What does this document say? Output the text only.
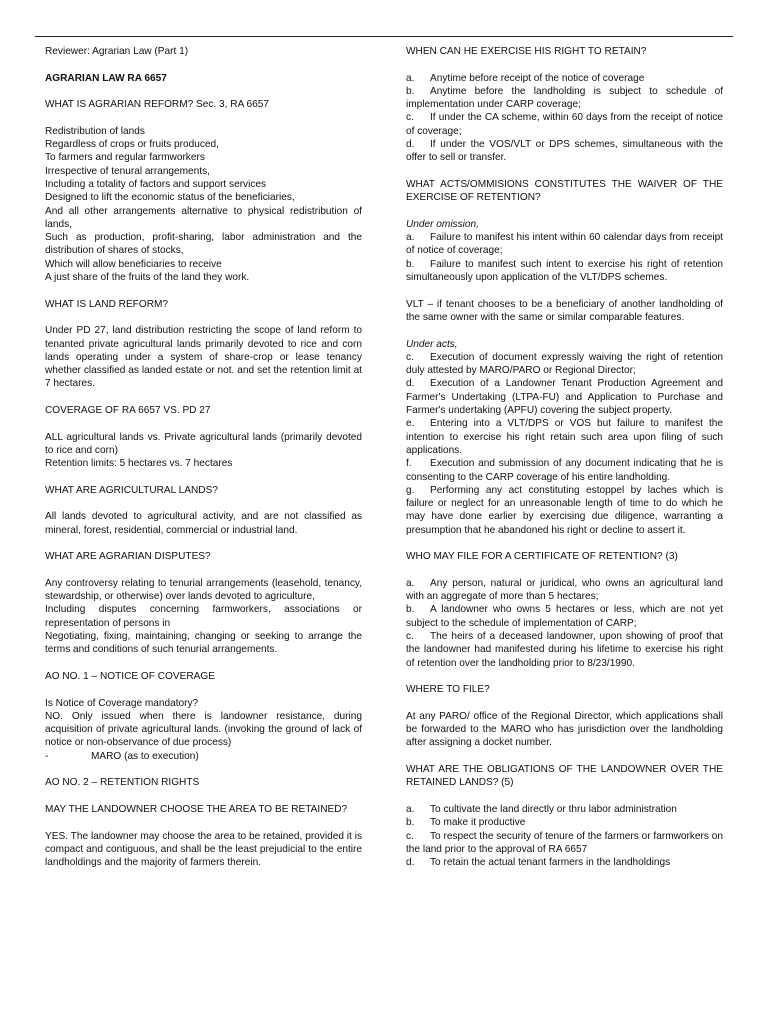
Reviewer: Agrarian Law (Part 1)

AGRARIAN LAW RA 6657

WHAT IS AGRARIAN REFORM? Sec. 3, RA 6657

Redistribution of lands

Regardless of crops or fruits produced,

To farmers and regular farmworkers

Irrespective of tenural arrangements,

Including a totality of factors and support services

Designed to lift the economic status of the beneficiaries,

And all other arrangements alternative to physical redistribution of lands,

Such as production, profit-sharing, labor administration and the distribution of shares of stocks,

Which will allow beneficiaries to receive

A just share of the fruits of the land they work.

WHAT IS LAND REFORM?

Under PD 27, land distribution restricting the scope of land reform to tenanted private agricultural lands primarily devoted to rice and corn lands operating under a system of share-crop or lease tenancy whether classified as landed estate or not. and set the retention limit at 7 hectares.

COVERAGE OF RA 6657 VS. PD 27

ALL agricultural lands vs. Private agricultural lands (primarily devoted to rice and corn)

Retention limits: 5 hectares vs. 7 hectares

WHAT ARE AGRICULTURAL LANDS?

All lands devoted to agricultural activity, and are not classified as mineral, forest, residential, commercial or industrial land.

WHAT ARE AGRARIAN DISPUTES?

Any controversy relating to tenurial arrangements (leasehold, tenancy, stewardship, or otherwise) over lands devoted to agriculture,

Including disputes concerning farmworkers, associations or representation of persons in

Negotiating, fixing, maintaining, changing or seeking to arrange the terms and conditions of such tenurial arrangements.

AO NO. 1 – NOTICE OF COVERAGE

Is Notice of Coverage mandatory?

NO. Only issued when there is landowner resistance, during acquisition of private agricultural lands. (invoking the ground of lack of notice or non-observance of due process)

-	MARO (as to execution)

AO NO. 2 – RETENTION RIGHTS

MAY THE LANDOWNER CHOOSE THE AREA TO BE RETAINED?

YES. The landowner may choose the area to be retained, provided it is compact and contiguous, and shall be the least prejudicial to the entire landholdings and the majority of farmers therein.

WHEN CAN HE EXERCISE HIS RIGHT TO RETAIN?

a. Anytime before receipt of the notice of coverage

b. Anytime before the landholding is subject to schedule of implementation under CARP coverage;

c. If under the CA scheme, within 60 days from the receipt of notice of coverage;

d. If under the VOS/VLT or DPS schemes, simultaneous with the offer to sell or transfer.

WHAT ACTS/OMMISIONS CONSTITUTES THE WAIVER OF THE EXERCISE OF RETENTION?

Under omission,

a. Failure to manifest his intent within 60 calendar days from receipt of notice of coverage;

b. Failure to manifest such intent to exercise his right of retention simultaneously upon application of the VLT/DPS schemes.

VLT – if tenant chooses to be a beneficiary of another landholding of the same owner with the same or similar comparable features.

Under acts,

c. Execution of document expressly waiving the right of retention duly attested by MARO/PARO or Regional Director;

d. Execution of a Landowner Tenant Production Agreement and Farmer's Undertaking (LTPA-FU) and Application to Purchase and Farmer's undertaking (APFU) covering the subject property.

e. Entering into a VLT/DPS or VOS but failure to manifest the intention to exercise his right retain such area upon filing of such applications.

f. Execution and submission of any document indicating that he is consenting to the CARP coverage of his entire landholding.

g. Performing any act constituting estoppel by laches which is failure or neglect for an unreasonable length of time to do which he may have done earlier by exercising due diligence, warranting a presumption that he abandoned his right or decline to assert it.

WHO MAY FILE FOR A CERTIFICATE OF RETENTION? (3)

a. Any person, natural or juridical, who owns an agricultural land with an aggregate of more than 5 hectares;

b. A landowner who owns 5 hectares or less, which are not yet subject to the schedule of implementation of CARP;

c. The heirs of a deceased landowner, upon showing of proof that the landowner had manifested during his lifetime to exercise his right of retention over the landholding prior to 8/23/1990.

WHERE TO FILE?

At any PARO/ office of the Regional Director, which applications shall be forwarded to the MARO who has jurisdiction over the landholding after assigning a docket number.

WHAT ARE THE OBLIGATIONS OF THE LANDOWNER OVER THE RETAINED LANDS? (5)

a. To cultivate the land directly or thru labor administration

b. To make it productive

c. To respect the security of tenure of the farmers or farmworkers on the land prior to the approval of RA 6657

d. To retain the actual tenant farmers in the landholdings
